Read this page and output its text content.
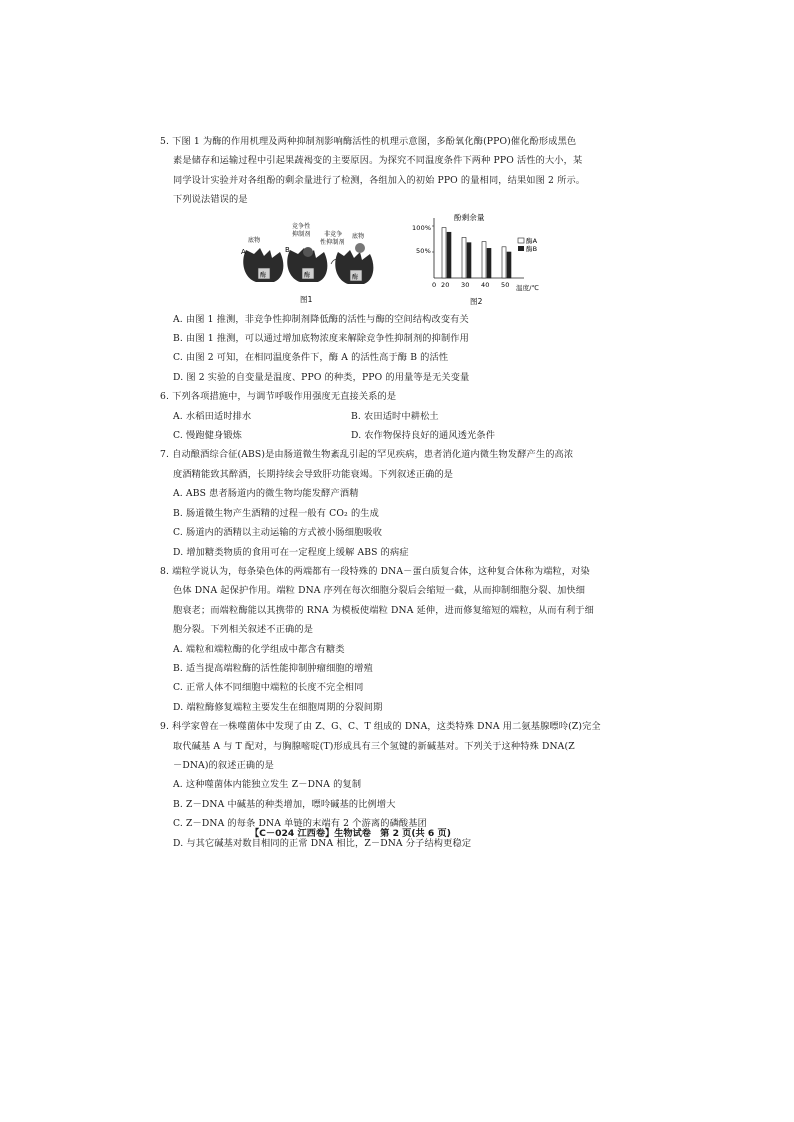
5. 下图 1 为酶的作用机理及两种抑制剂影响酶活性的机理示意图，多酚氧化酶(PPO)催化酚形成黑色
素是储存和运输过程中引起果蔬褐变的主要原因。为探究不同温度条件下两种 PPO 活性的大小，某
同学设计实验并对各组酚的剩余量进行了检测，各组加入的初始 PPO 的量相同，结果如图 2 所示。
下列说法错误的是
底物
A
竞争性
抑制剂
B
非竞争
性抑制剂
底物
酶	酶	酶
图1
酚剩余量
100%
50%
0 20 30 40 50 温度/℃
酶A
酶B
图2
A. 由图 1 推测，非竞争性抑制剂降低酶的活性与酶的空间结构改变有关
B. 由图 1 推测，可以通过增加底物浓度来解除竞争性抑制剂的抑制作用
C. 由图 2 可知，在相同温度条件下，酶 A 的活性高于酶 B 的活性
D. 图 2 实验的自变量是温度、PPO 的种类，PPO 的用量等是无关变量
6. 下列各项措施中，与调节呼吸作用强度无直接关系的是
A. 水稻田适时排水	B. 农田适时中耕松土
C. 慢跑健身锻炼	D. 农作物保持良好的通风透光条件
7. 自动酿酒综合征(ABS)是由肠道微生物紊乱引起的罕见疾病，患者消化道内微生物发酵产生的高浓
度酒精能致其醉酒，长期持续会导致肝功能衰竭。下列叙述正确的是
A. ABS 患者肠道内的微生物均能发酵产酒精
B. 肠道微生物产生酒精的过程一般有 CO₂ 的生成
C. 肠道内的酒精以主动运输的方式被小肠细胞吸收
D. 增加糖类物质的食用可在一定程度上缓解 ABS 的病症
8. 端粒学说认为，每条染色体的两端都有一段特殊的 DNA－蛋白质复合体，这种复合体称为端粒，对染
色体 DNA 起保护作用。端粒 DNA 序列在每次细胞分裂后会缩短一截，从而抑制细胞分裂、加快细
胞衰老；而端粒酶能以其携带的 RNA 为模板使端粒 DNA 延伸，进而修复缩短的端粒，从而有利于细
胞分裂。下列相关叙述不正确的是
A. 端粒和端粒酶的化学组成中都含有糖类
B. 适当提高端粒酶的活性能抑制肿瘤细胞的增殖
C. 正常人体不同细胞中端粒的长度不完全相同
D. 端粒酶修复端粒主要发生在细胞周期的分裂间期
9. 科学家曾在一株噬菌体中发现了由 Z、G、C、T 组成的 DNA，这类特殊 DNA 用二氨基腺嘌呤(Z)完全
取代碱基 A 与 T 配对，与胸腺嘧啶(T)形成具有三个氢键的新碱基对。下列关于这种特殊 DNA(Z
－DNA)的叙述正确的是
A. 这种噬菌体内能独立发生 Z－DNA 的复制
B. Z－DNA 中碱基的种类增加，嘌呤碱基的比例增大
C. Z－DNA 的每条 DNA 单链的末端有 2 个游离的磷酸基团
D. 与其它碱基对数目相同的正常 DNA 相比，Z－DNA 分子结构更稳定
【C－024 江西卷】生物试卷　第 2 页(共 6 页)
